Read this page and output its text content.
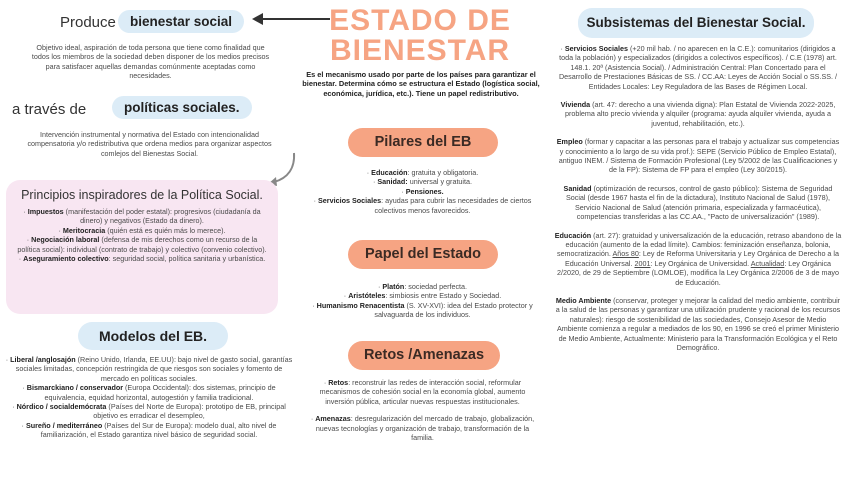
Produce	bienestar social

Objetivo ideal, aspiración de toda persona que tiene como finalidad que todos los miembros de la sociedad deben disponer de los medios precisos para satisfacer aquellas demandas comúnmente aceptadas como necesidades.

a través de	políticas sociales.

Intervención instrumental y normativa del Estado con intencionalidad compensatoria y/o redistributiva que ordena medios para organizar aspectos comlejos del Bienestas Social.

Principios inspiradores de la Política Social.
· Impuestos (manifestación del poder estatal): progresivos (ciudadanía da dinero) y negativos (Estado da dinero).
· Meritocracia (quién está es quién más lo merece).
· Negociación laboral (defensa de mis derechos como un recurso de la política social): individual (contrato de trabajo) y colectivo (convenio colectivo).
· Aseguramiento colectivo: seguridad social, política sanitaria y urbanística.
Modelos del EB.
· Liberal /anglosajón (Reino Unido, Irlanda, EE.UU): bajo nivel de gasto social, garantías sociales limitadas, concepción restringida de que riesgos son sociales y fomento de mercado en políticas sociales.
· Bismarckiano / conservador (Europa Occidental): dos sistemas, principio de equivalencia, equidad horizontal, autogestión y familia tradicional.
· Nórdico / socialdemócrata (Países del Norte de Europa): prototipo de EB, principal objetivo es erradicar el desempleo,
· Sureño / mediterráneo (Países del Sur de Europa): modelo dual, alto nivel de familiarización, el Estado garantiza nivel básico de seguridad social.
ESTADO DE
BIENESTAR

Es el mecanismo usado por parte de los países para garantizar el bienestar. Determina cómo se estructura el Estado (logística social, económica, jurídica, etc.). Tiene un papel redistributivo.

Pilares del EB
· Educación: gratuita y obligatoria.
· Sanidad: universal y gratuita.
· Pensiones.
· Servicios Sociales: ayudas para cubrir las necesidades de ciertos colectivos menos favorecidos.
Papel del Estado
· Platón: sociedad perfecta.
· Aristóteles: simbiosis entre Estado y Sociedad.
· Humanismo Renacentista (S. XV-XVI): idea del Estado protector y salvaguarda de los individuos.
Retos /Amenazas
· Retos: reconstruir las redes de interacción social, reformular mecanismos de cohesión social en la economía global, aumento inversión pública, articular nuevas respuestas institucionales.
· Amenazas: desregularización del mercado de trabajo, globalización, nuevas tecnologías y organización de trabajo, transformación de la familia.
Subsistemas del Bienestar Social.
· Servicios Sociales (+20 mil hab. / no aparecen en la C.E.): comunitarios (dirigidos a toda la población) y especializados (dirigidos a colectivos específicos). / C.E (1978) art. 148.1. 20ª (Asistencia Social). / Administración Central: Plan Concertado para el Desarrollo de Prestaciones Básicas de SS. / CC.AA: Leyes de Acción Social o SS.SS. / Entidades Locales: Ley Reguladora de las Bases de Régimen Local.
Vivienda (art. 47: derecho a una vivienda digna): Plan Estatal de Vivienda 2022-2025, problema alto precio vivienda y alquiler (programa: ayuda alquiler vivienda, ayuda a juventud, rehabilitación, etc.).
Empleo (formar y capacitar a las personas para el trabajo y actualizar sus competencias y conocimiento a lo largo de su vida prof.): SEPE (Servicio Público de Empleo Estatal), antiguo INEM. / Sistema de Formación Profesional (Ley 5/2002 de las Cualificaciones y de la FP): Sistema de FP para el empleo (Ley 30/2015).
Sanidad (optimización de recursos, control de gasto público): Sistema de Seguridad Social (desde 1967 hasta el fin de la dictadura), Instituto Nacional de Salud (1978), Servicio Nacional de Salud (atención primaria, especializada y farmacéutica), competencias transferidas a las CC.AA., "Pacto de universalización" (1989).
Educación (art. 27): gratuidad y universalización de la educación, retraso abandono de la educación (aumento de la edad límite). Cambios: feminización enseñanza, bolonia, semocratización. Años 80: Ley de Reforma Universitaria y Ley Orgánica de Derecho a la Educación Universal. 2001: Ley Orgánica de Universidad. Actualidad: Ley Orgánica 2/2020, de 29 de Septiembre (LOMLOE), modifica la Ley Orgánica 2/2006 de 3 de mayo de Educación.
Medio Ambiente (conservar, proteger y mejorar la calidad del medio ambiente, contribuir a la salud de las personas y garantizar una utilización prudente y racional de los recursos naturales): riesgo de sostenibilidad de las sociedades, Consejo Asesor de Medio Ambiente comienza a regular a mediados de los 90, en 1996 se creó el primer Ministerio de Medio Ambiente, Actualmente: Ministerio para la Transformación Ecológica y el Reto Demográfico.
